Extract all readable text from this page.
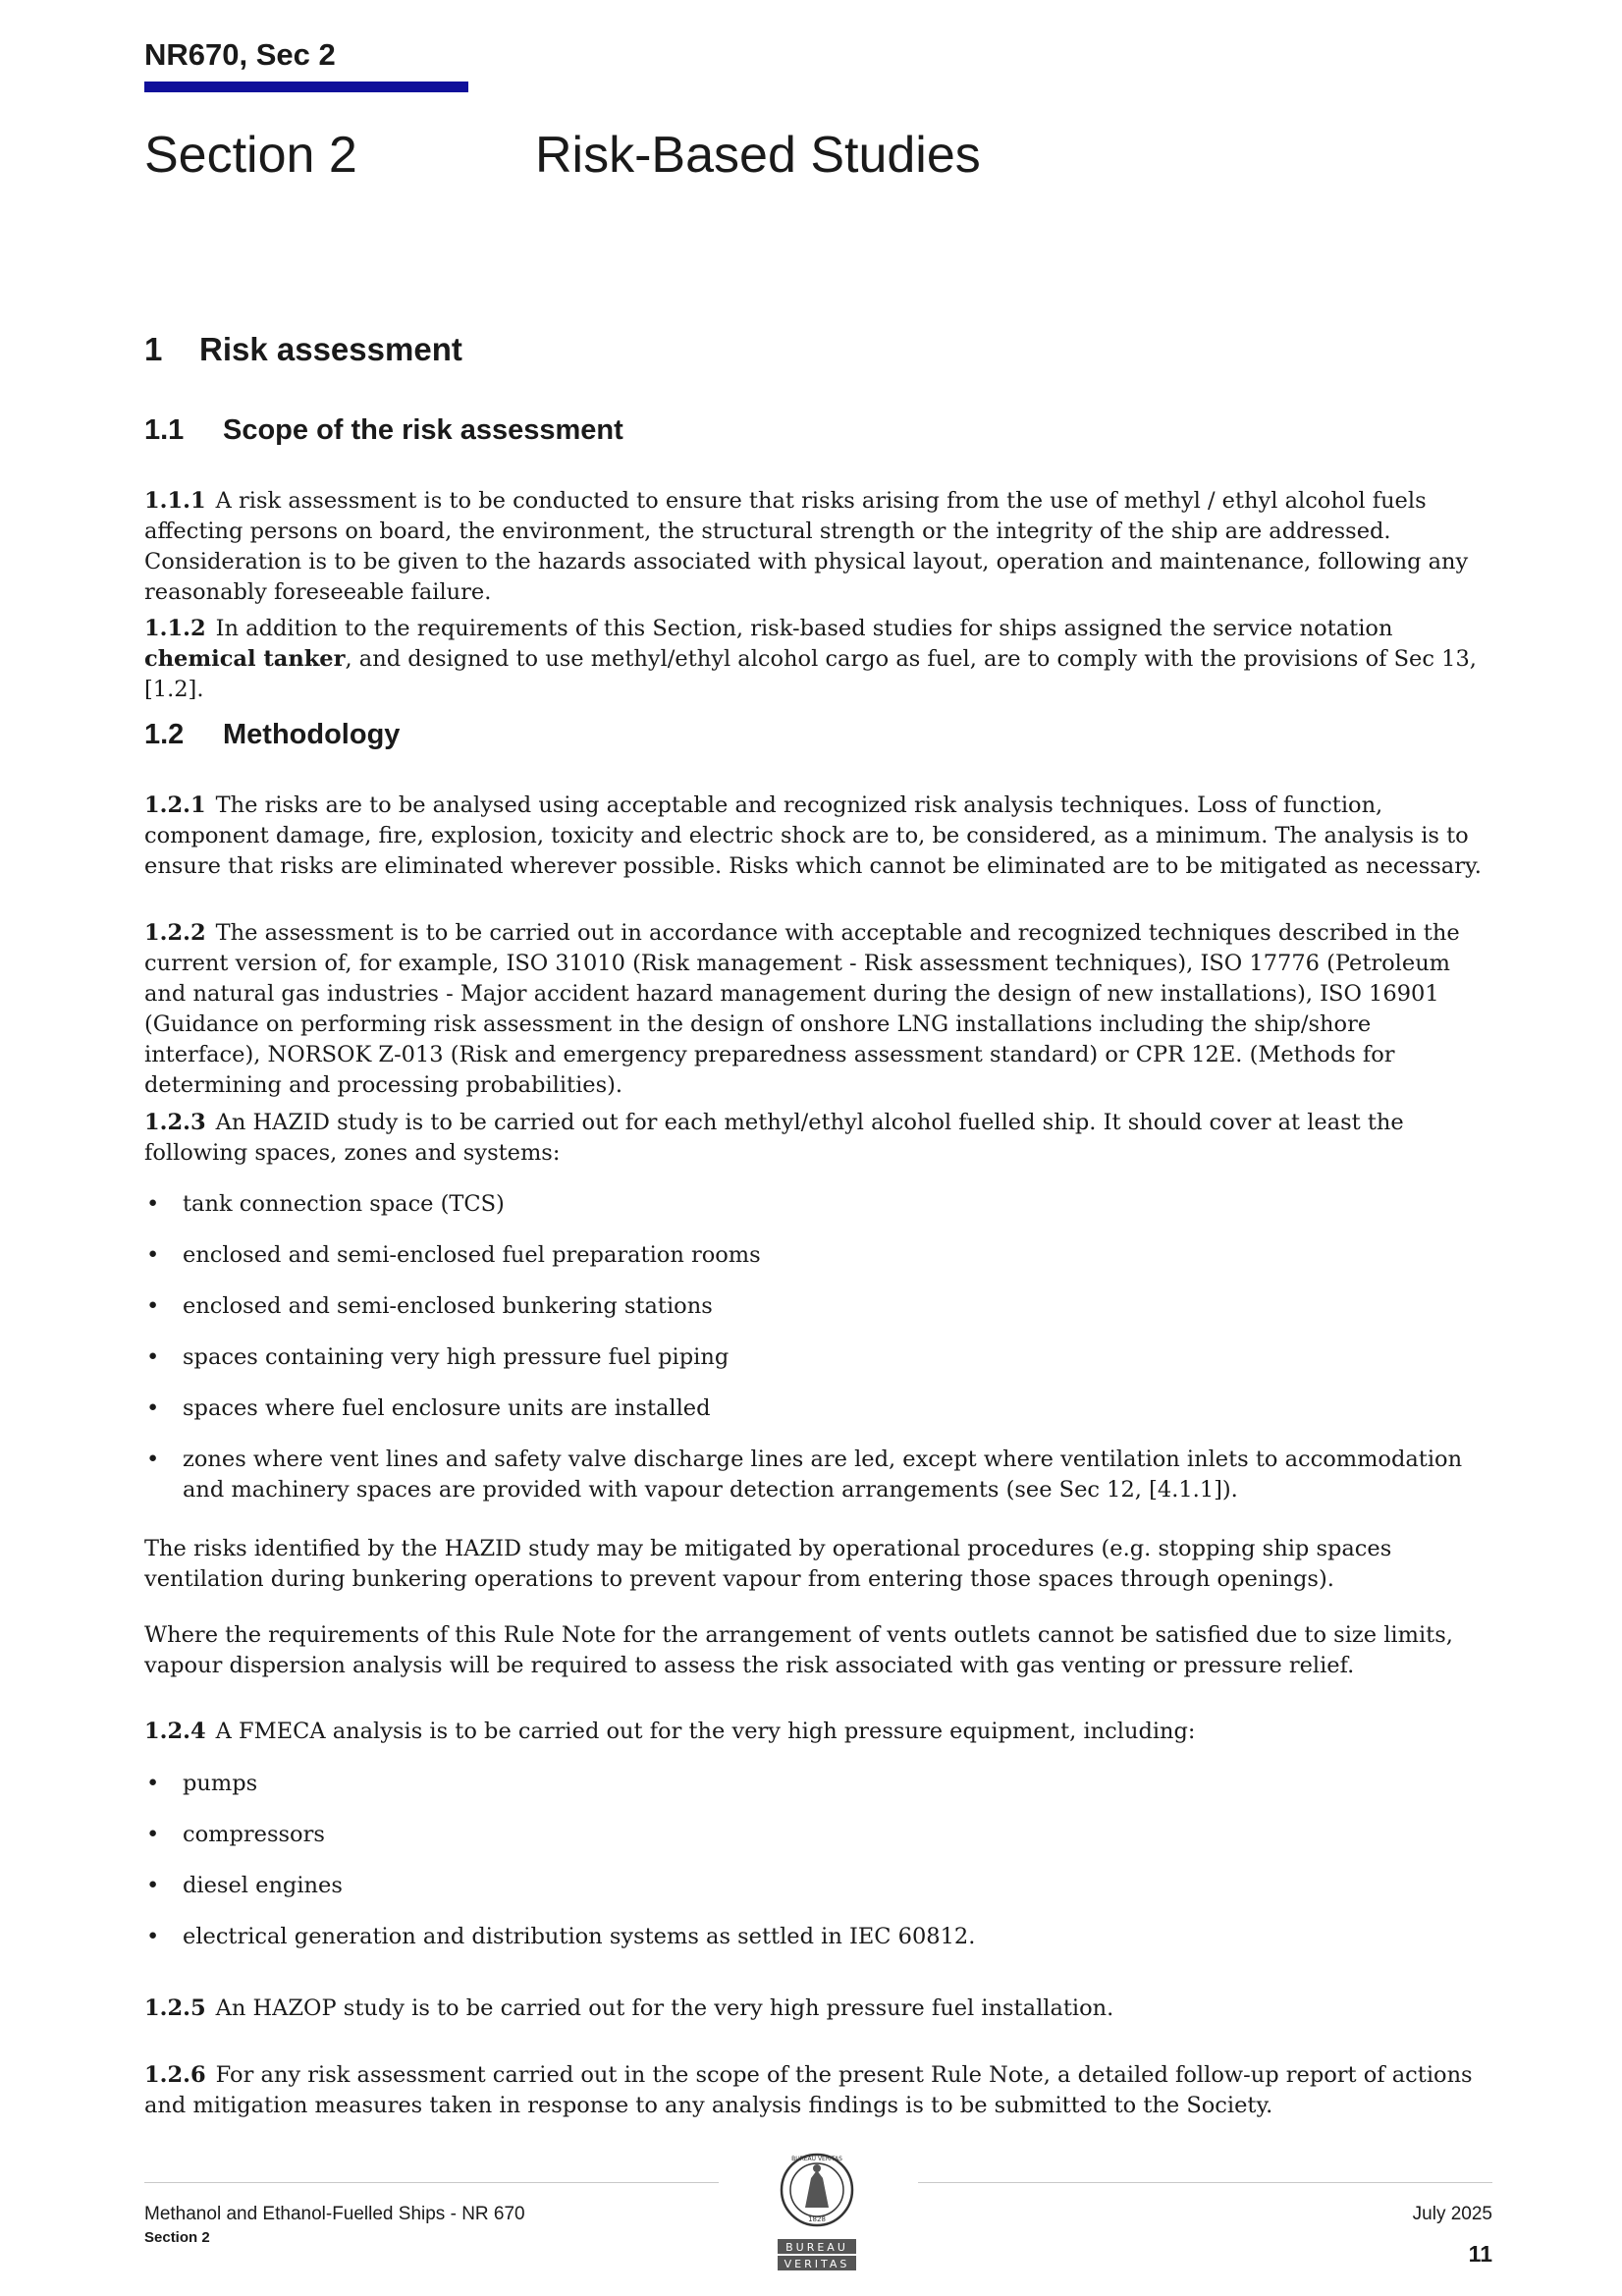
NR670, Sec 2
Section 2	Risk-Based Studies
1 Risk assessment
1.1 Scope of the risk assessment

1.1.1 A risk assessment is to be conducted to ensure that risks arising from the use of methyl / ethyl alcohol fuels affecting persons on board, the environment, the structural strength or the integrity of the ship are addressed. Consideration is to be given to the hazards associated with physical layout, operation and maintenance, following any reasonably foreseeable failure.

1.1.2 In addition to the requirements of this Section, risk-based studies for ships assigned the service notation chemical tanker, and designed to use methyl/ethyl alcohol cargo as fuel, are to comply with the provisions of Sec 13, [1.2].

1.2 Methodology

1.2.1 The risks are to be analysed using acceptable and recognized risk analysis techniques. Loss of function, component damage, fire, explosion, toxicity and electric shock are to, be considered, as a minimum. The analysis is to ensure that risks are eliminated wherever possible. Risks which cannot be eliminated are to be mitigated as necessary.

1.2.2 The assessment is to be carried out in accordance with acceptable and recognized techniques described in the current version of, for example, ISO 31010 (Risk management - Risk assessment techniques), ISO 17776 (Petroleum and natural gas industries - Major accident hazard management during the design of new installations), ISO 16901 (Guidance on performing risk assessment in the design of onshore LNG installations including the ship/shore interface), NORSOK Z-013 (Risk and emergency preparedness assessment standard) or CPR 12E. (Methods for determining and processing probabilities).

1.2.3 An HAZID study is to be carried out for each methyl/ethyl alcohol fuelled ship. It should cover at least the following spaces, zones and systems:

• tank connection space (TCS)
• enclosed and semi-enclosed fuel preparation rooms
• enclosed and semi-enclosed bunkering stations
• spaces containing very high pressure fuel piping
• spaces where fuel enclosure units are installed
• zones where vent lines and safety valve discharge lines are led, except where ventilation inlets to accommodation and machinery spaces are provided with vapour detection arrangements (see Sec 12, [4.1.1]).

The risks identified by the HAZID study may be mitigated by operational procedures (e.g. stopping ship spaces ventilation during bunkering operations to prevent vapour from entering those spaces through openings).

Where the requirements of this Rule Note for the arrangement of vents outlets cannot be satisfied due to size limits, vapour dispersion analysis will be required to assess the risk associated with gas venting or pressure relief.

1.2.4 A FMECA analysis is to be carried out for the very high pressure equipment, including:

• pumps
• compressors
• diesel engines
• electrical generation and distribution systems as settled in IEC 60812.

1.2.5 An HAZOP study is to be carried out for the very high pressure fuel installation.

1.2.6 For any risk assessment carried out in the scope of the present Rule Note, a detailed follow-up report of actions and mitigation measures taken in response to any analysis findings is to be submitted to the Society.

Methanol and Ethanol-Fuelled Ships - NR 670
Section 2
July 2025
11
BUREAU VERITAS
1828
BUREAU
VERITAS
